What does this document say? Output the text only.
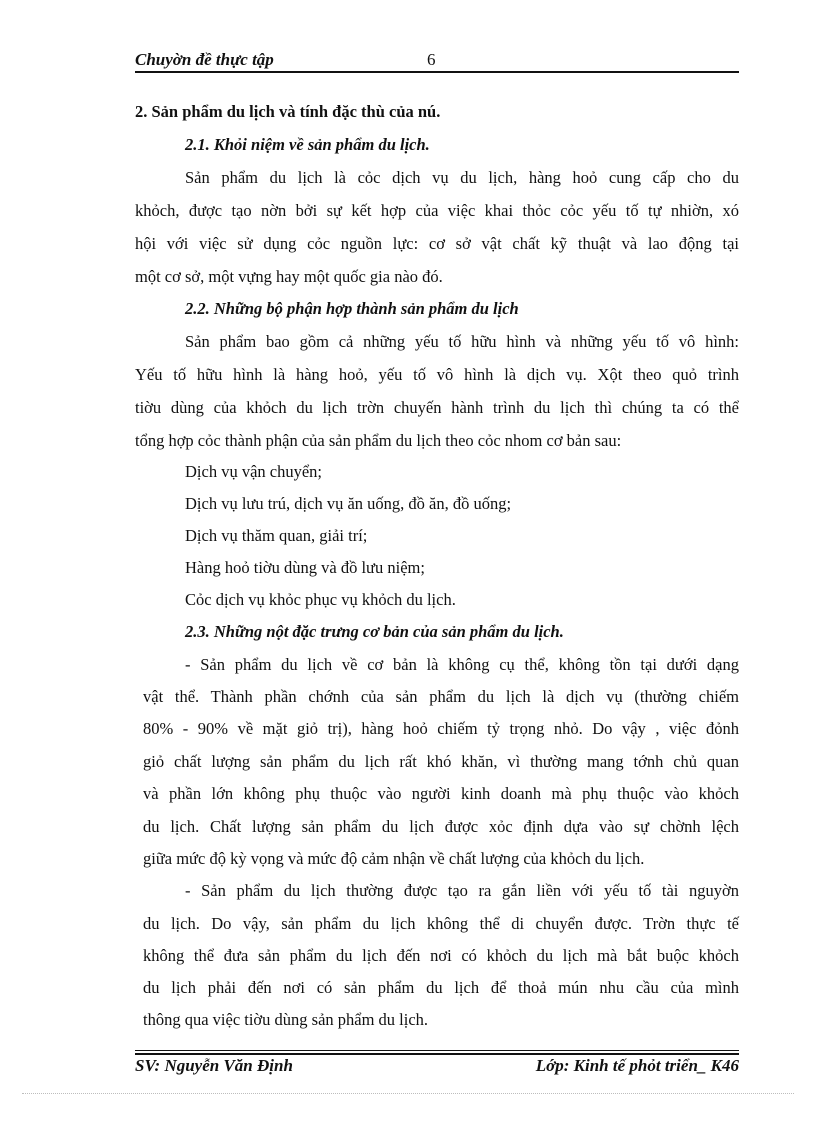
Chuyờn đề thực tập	6
2. Sản phẩm du lịch và tính đặc thù của nú.
2.1. Khỏi niệm về sản phẩm du lịch.
Sản phẩm du lịch là cỏc dịch vụ du lịch, hàng hoỏ cung cấp cho du
khỏch, được tạo nờn bởi sự kết hợp của việc khai thỏc cỏc yếu tố tự nhiờn, xó
hội với việc sử dụng cỏc nguồn lực: cơ sở vật chất kỹ thuật và lao động tại
một cơ sở, một vựng hay một quốc gia nào đó.
2.2. Những bộ phận hợp thành sản phẩm du lịch
Sản phẩm bao gồm cả những yếu tố hữu hình và những yếu tố vô hình:
Yếu tố hữu hình là hàng hoỏ, yếu tố vô hình là dịch vụ. Xột theo quỏ trình
tiờu dùng của khỏch du lịch trờn chuyến hành trình du lịch thì chúng ta có thể
tổng hợp cỏc thành phận của sản phẩm du lịch theo cỏc nhom cơ bản sau:
Dịch vụ vận chuyển;
Dịch vụ lưu trú, dịch vụ ăn uống, đồ ăn, đồ uống;
Dịch vụ thăm quan, giải trí;
Hàng hoỏ tiờu dùng và đồ lưu niệm;
Cỏc dịch vụ khỏc phục vụ khỏch du lịch.
2.3. Những nột đặc trưng cơ bản của sản phẩm du lịch.
- Sản phẩm du lịch về cơ bản là không cụ thể, không tồn tại dưới dạng
vật thể. Thành phần chớnh của sản phẩm du lịch là dịch vụ (thường chiếm
80% - 90% về mặt giỏ trị), hàng hoỏ chiếm tỷ trọng nhỏ. Do vậy , việc đỏnh
giỏ chất lượng sản phẩm du lịch rất khó khăn, vì thường mang tớnh chủ quan
và phần lớn không phụ thuộc vào người kinh doanh mà phụ thuộc vào khỏch
du lịch. Chất lượng sản phẩm du lịch được xỏc định dựa vào sự chờnh lệch
giữa mức độ kỳ vọng và mức độ cảm nhận về chất lượng của khỏch du lịch.
- Sản phẩm du lịch thường được tạo ra gắn liền với yếu tố tài nguyờn
du lịch. Do vậy, sản phẩm du lịch không thể di chuyển được. Trờn thực tế
không thể đưa sản phẩm du lịch đến nơi có khỏch du lịch mà bắt buộc khỏch
du lịch phải đến nơi có sản phẩm du lịch để thoả mún nhu cầu của mình
thông qua việc tiờu dùng sản phẩm du lịch.
SV: Nguyễn Văn Định	Lớp: Kinh tế phỏt triển_ K46
